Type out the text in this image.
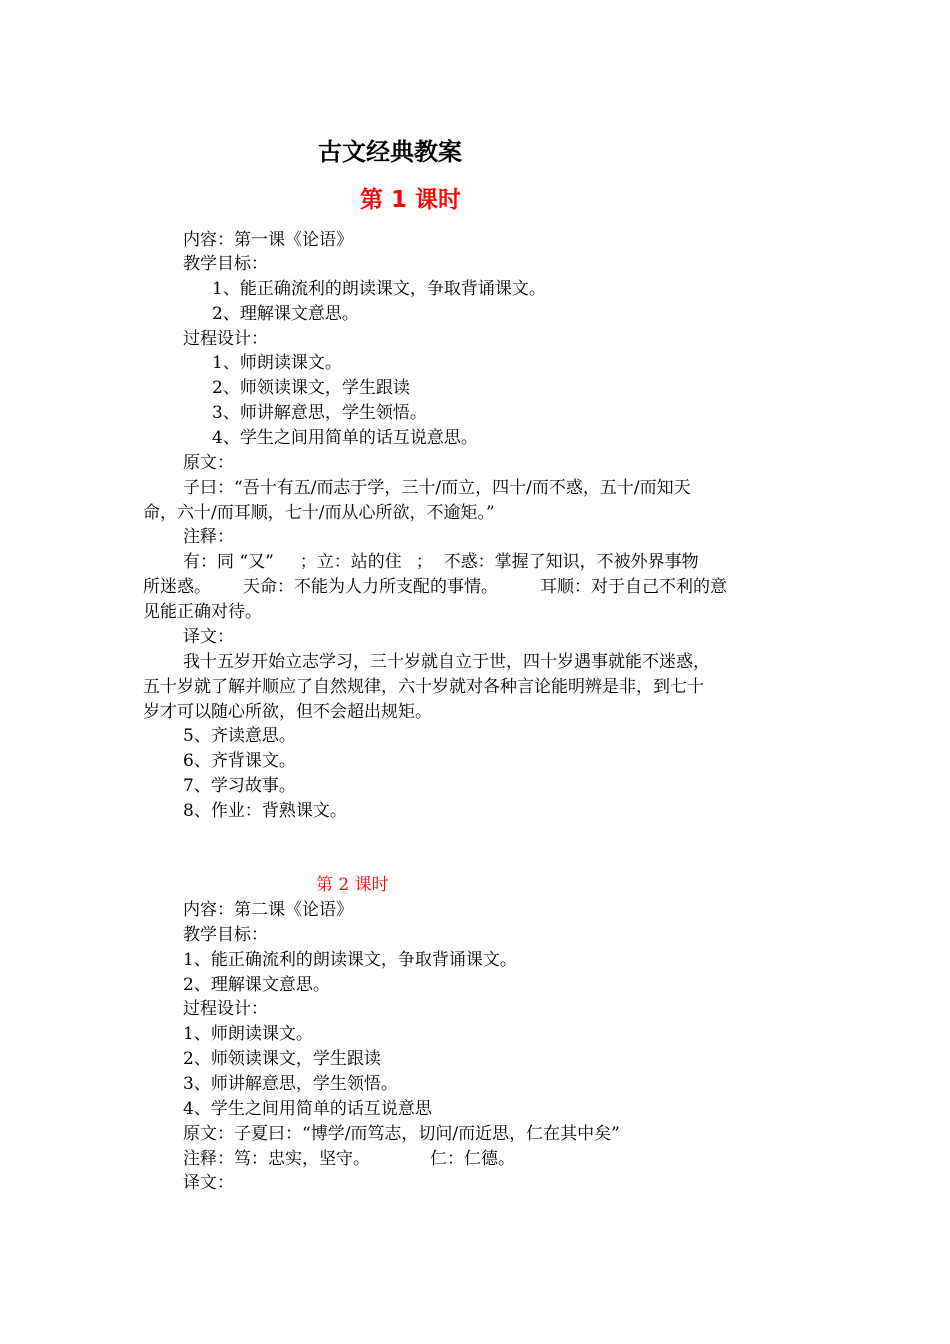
古文经典教案
第 1 课时

内容：第一课《论语》

教学目标：

1、能正确流利的朗读课文，争取背诵课文。

2、理解课文意思。

过程设计：

1、师朗读课文。

2、师领读课文，学生跟读

3、师讲解意思，学生领悟。

4、学生之间用简单的话互说意思。

原文：

子曰：“吾十有五/而志于学，三十/而立，四十/而不惑，五十/而知天

命，六十/而耳顺，七十/而从心所欲，不逾矩。”

注释：

有：同 “又” ；立：站的住 ；  不惑：掌握了知识，不被外界事物

所迷惑。 天命：不能为人力所支配的事情。 耳顺：对于自己不利的意

见能正确对待。

译文：

我十五岁开始立志学习，三十岁就自立于世，四十岁遇事就能不迷惑，

五十岁就了解并顺应了自然规律，六十岁就对各种言论能明辨是非，到七十

岁才可以随心所欲，但不会超出规矩。

5、齐读意思。

6、齐背课文。

7、学习故事。

8、作业：背熟课文。

第 2 课时

内容：第二课《论语》

教学目标：

1、能正确流利的朗读课文，争取背诵课文。

2、理解课文意思。

过程设计：

1、师朗读课文。

2、师领读课文，学生跟读

3、师讲解意思，学生领悟。

4、学生之间用简单的话互说意思

原文：子夏曰：“博学/而笃志，切问/而近思，仁在其中矣”

注释：笃：忠实，坚守。	仁：仁德。

译文：
